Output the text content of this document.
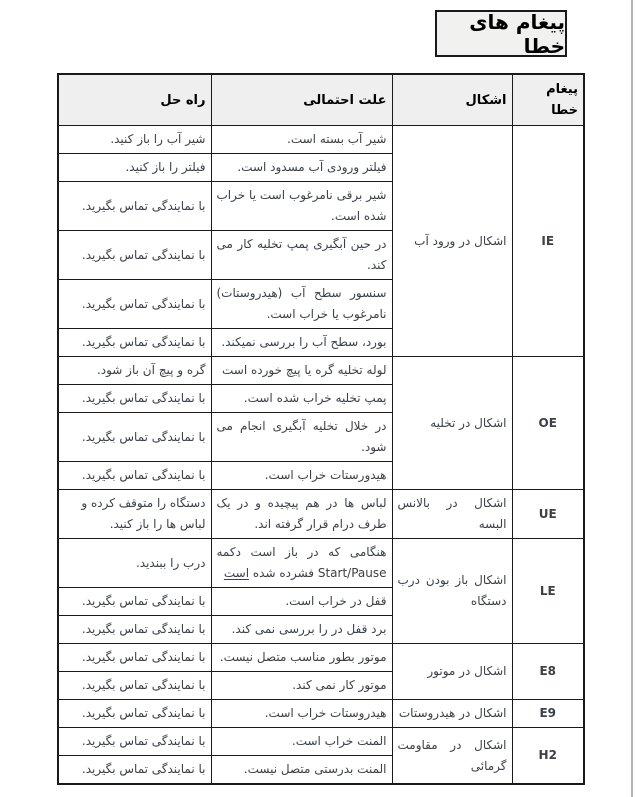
پیغام های خطا
پیغام خطا	اشکال	علت احتمالی	راه حل
IE	اشکال در ورود آب	شیر آب بسته است.	شیر آب را باز کنید.
		فیلتر ورودی آب مسدود است.	فیلتر را باز کنید.
		شیر برقی نامرغوب است یا خراب شده است.	با نمایندگی تماس بگیرید.
		در حین آبگیری پمپ تخلیه کار می کند.	با نمایندگی تماس بگیرید.
		سنسور سطح آب (هیدروستات) نامرغوب یا خراب است.	با نمایندگی تماس بگیرید.
		بورد، سطح آب را بررسی نمیکند.	با نمایندگی تماس بگیرید.
OE	اشکال در تخلیه	لوله تخلیه گره یا پیچ خورده است	گره و پیچ آن باز شود.
		پمپ تخلیه خراب شده است.	با نمایندگی تماس بگیرید.
		در خلال تخلیه آبگیری انجام می شود.	با نمایندگی تماس بگیرید.
		هیدورستات خراب است.	با نمایندگی تماس بگیرید.
UE	اشکال در بالانس البسه	لباس ها در هم پیچیده و در یک طرف درام قرار گرفته اند.	دستگاه را متوقف کرده و لباس ها را باز کنید.
LE	اشکال باز بودن درب دستگاه	هنگامی که در باز است دکمه Start/Pause فشرده شده است	درب را ببندید.
		قفل در خراب است.	با نمایندگی تماس بگیرید.
		برد قفل در را بررسی نمی کند.	با نمایندگی تماس بگیرید.
E8	اشکال در موتور	موتور بطور مناسب متصل نیست.	با نمایندگی تماس بگیرید.
		موتور کار نمی کند.	با نمایندگی تماس بگیرید.
E9	اشکال در هیدروستات	هیدروستات خراب است.	با نمایندگی تماس بگیرید.
H2	اشکال در مقاومت گرمائی	المنت خراب است.	با نمایندگی تماس بگیرید.
		المنت بدرستی متصل نیست.	با نمایندگی تماس بگیرید.
